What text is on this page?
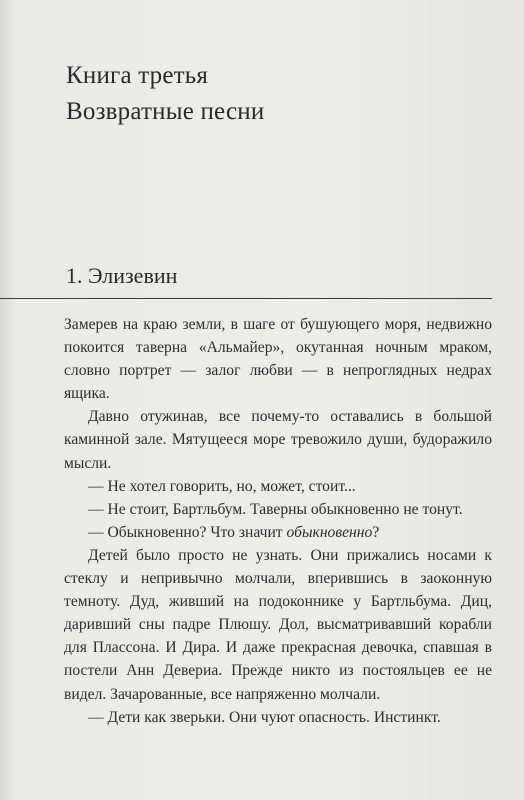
Книга третья
Возвратные песни
1. Элизевин

Замерев на краю земли, в шаге от бушующего моря, недвижно покоится таверна «Альмайер», окутанная ночным мраком, словно портрет — залог любви — в непроглядных недрах ящика.

Давно отужинав, все почему-то оставались в большой каминной зале. Мятущееся море тревожило души, будоражило мысли.

— Не хотел говорить, но, может, стоит...

— Не стоит, Бартльбум. Таверны обыкновенно не тонут.

— Обыкновенно? Что значит обыкновенно?

Детей было просто не узнать. Они прижались носами к стеклу и непривычно молчали, вперившись в заоконную темноту. Дуд, живший на подоконнике у Бартльбума. Диц, даривший сны падре Плюшу. Дол, высматривавший корабли для Плассона. И Дира. И даже прекрасная девочка, спавшая в постели Анн Девериа. Прежде никто из постояльцев ее не видел. Зачарованные, все напряженно молчали.

— Дети как зверьки. Они чуют опасность. Инстинкт.
